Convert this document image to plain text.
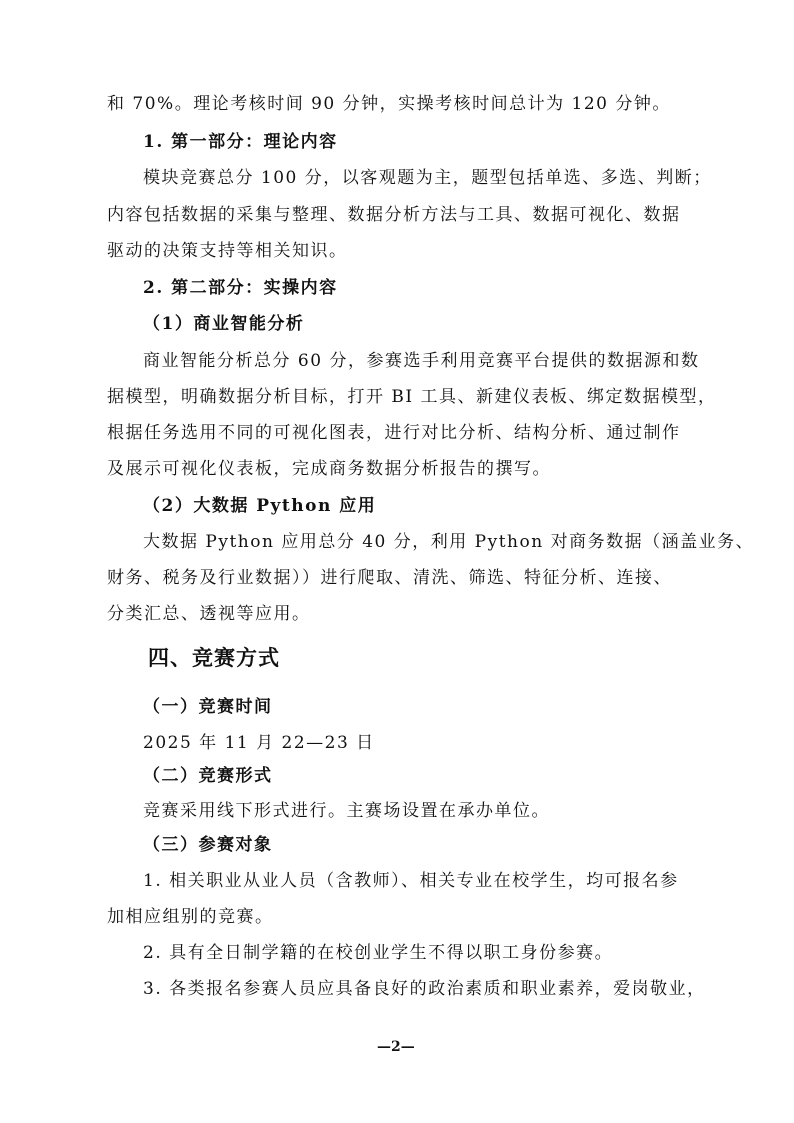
和 70%。理论考核时间 90 分钟，实操考核时间总计为 120 分钟。
1. 第一部分：理论内容
模块竞赛总分 100 分，以客观题为主，题型包括单选、多选、判断；
内容包括数据的采集与整理、数据分析方法与工具、数据可视化、数据
驱动的决策支持等相关知识。
2. 第二部分：实操内容
（1）商业智能分析
商业智能分析总分 60 分，参赛选手利用竞赛平台提供的数据源和数
据模型，明确数据分析目标，打开 BI 工具、新建仪表板、绑定数据模型，
根据任务选用不同的可视化图表，进行对比分析、结构分析、通过制作
及展示可视化仪表板，完成商务数据分析报告的撰写。
（2）大数据 Python 应用
大数据 Python 应用总分 40 分，利用 Python 对商务数据（涵盖业务、
财务、税务及行业数据））进行爬取、清洗、筛选、特征分析、连接、
分类汇总、透视等应用。
四、竞赛方式
（一）竞赛时间
2025 年 11 月 22—23 日
（二）竞赛形式
竞赛采用线下形式进行。主赛场设置在承办单位。
（三）参赛对象
1. 相关职业从业人员（含教师）、相关专业在校学生，均可报名参
加相应组别的竞赛。
2. 具有全日制学籍的在校创业学生不得以职工身份参赛。
3. 各类报名参赛人员应具备良好的政治素质和职业素养，爱岗敬业，
—2—
